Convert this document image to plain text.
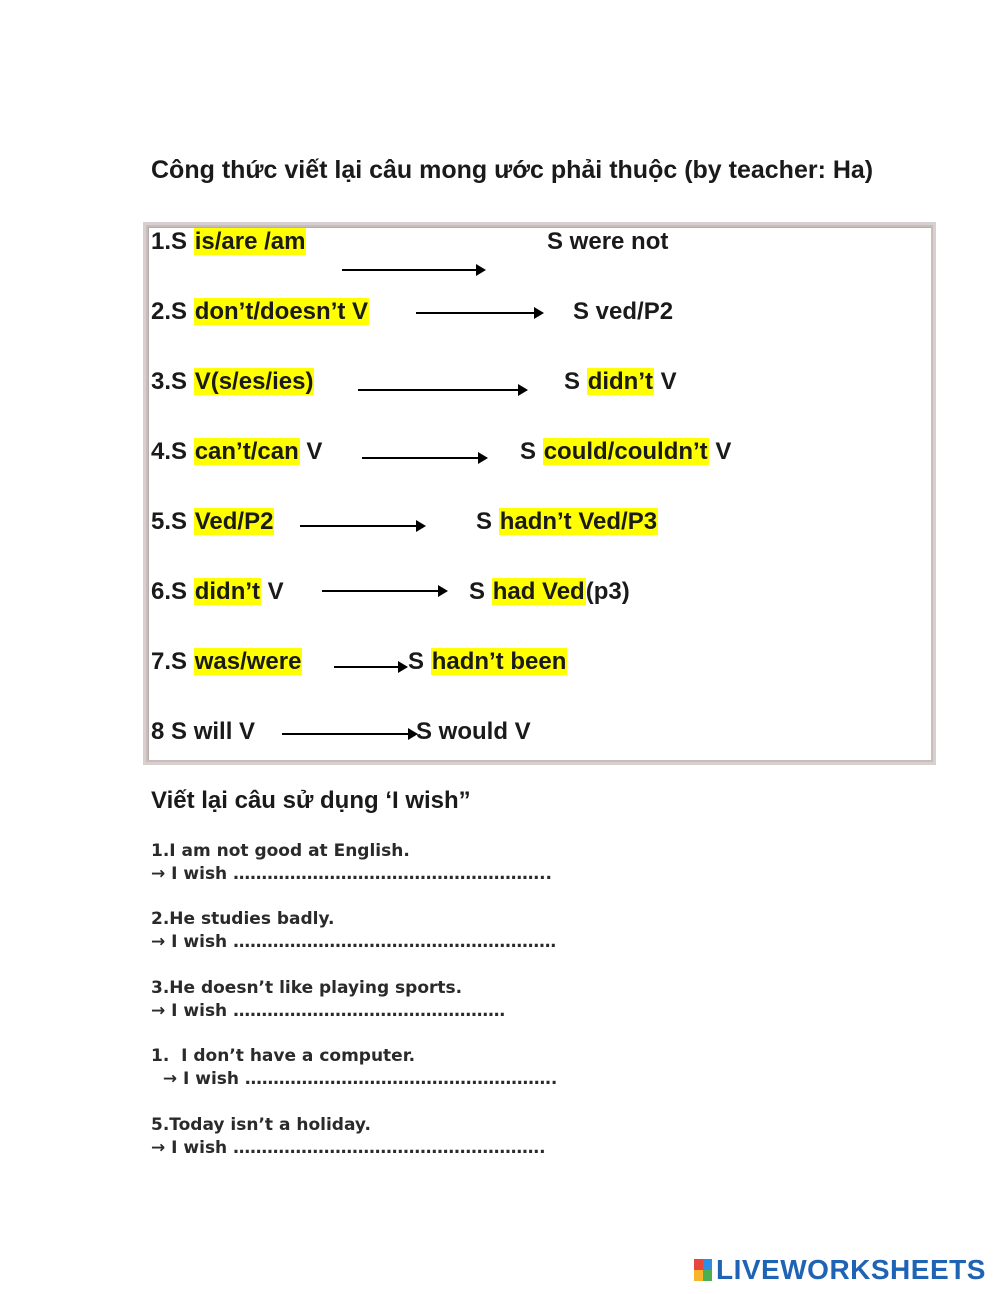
Công thức viết lại câu mong ước phải thuộc (by teacher: Ha)
1.S is/are /am	S were not
2.S don’t/doesn’t V	S ved/P2
3.S V(s/es/ies)	S didn’t V
4.S can’t/can V	S could/couldn’t V
5.S Ved/P2	S hadn’t Ved/P3
6.S didn’t V	S had Ved(p3)
7.S was/were	S hadn’t been
8 S will V	S would V
Viết lại câu sử dụng ‘I wish”
1.I am not good at English.
→ I wish ………………………………………………..
2.He studies badly.
→ I wish …………………………………………………
3.He doesn’t like playing sports.
→ I wish …………………………………………
1.  I don’t have a computer.
→ I wish ……………………………………………….
5.Today isn’t a holiday.
→ I wish ……………………………………………….
LIVEWORKSHEETS
